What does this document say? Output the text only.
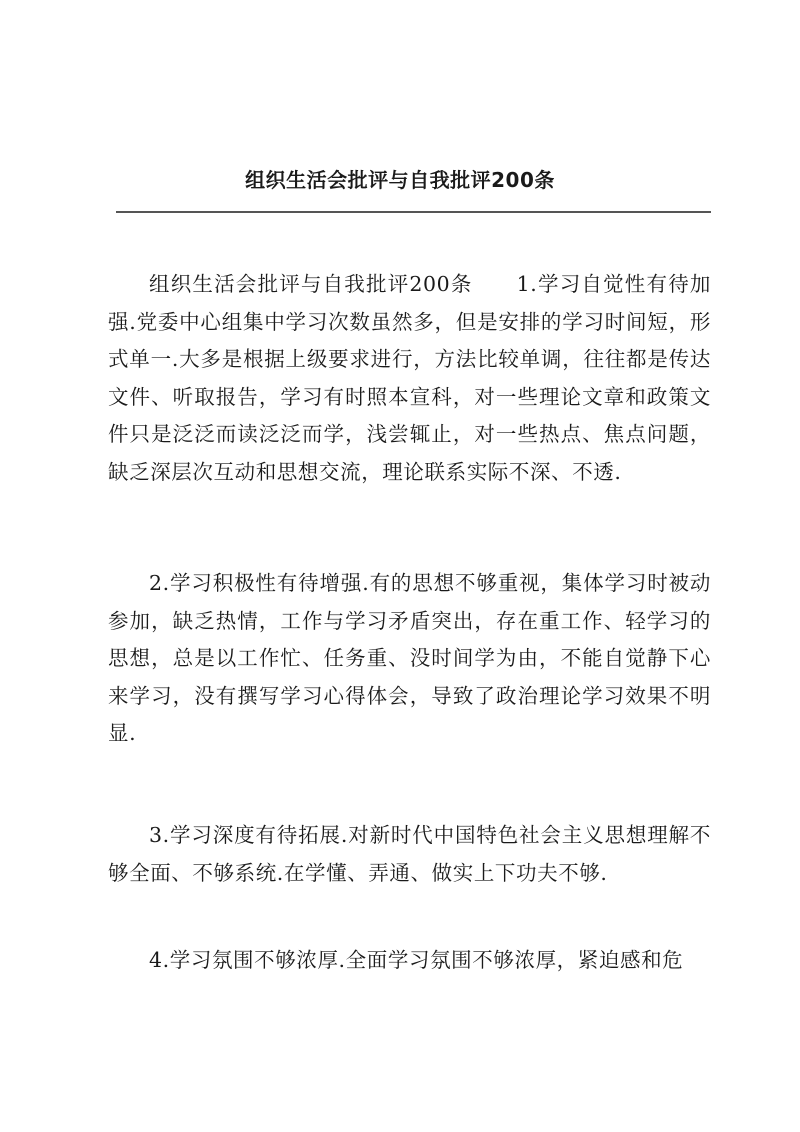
组织生活会批评与自我批评200条

组织生活会批评与自我批评200条 1.学习自觉性有待加强.党委中心组集中学习次数虽然多，但是安排的学习时间短，形式单一.大多是根据上级要求进行，方法比较单调，往往都是传达文件、听取报告，学习有时照本宣科，对一些理论文章和政策文件只是泛泛而读泛泛而学，浅尝辄止，对一些热点、焦点问题，缺乏深层次互动和思想交流，理论联系实际不深、不透.

2.学习积极性有待增强.有的思想不够重视，集体学习时被动参加，缺乏热情，工作与学习矛盾突出，存在重工作、轻学习的思想，总是以工作忙、任务重、没时间学为由，不能自觉静下心来学习，没有撰写学习心得体会，导致了政治理论学习效果不明显.

3.学习深度有待拓展.对新时代中国特色社会主义思想理解不够全面、不够系统.在学懂、弄通、做实上下功夫不够.

4.学习氛围不够浓厚.全面学习氛围不够浓厚，紧迫感和危
